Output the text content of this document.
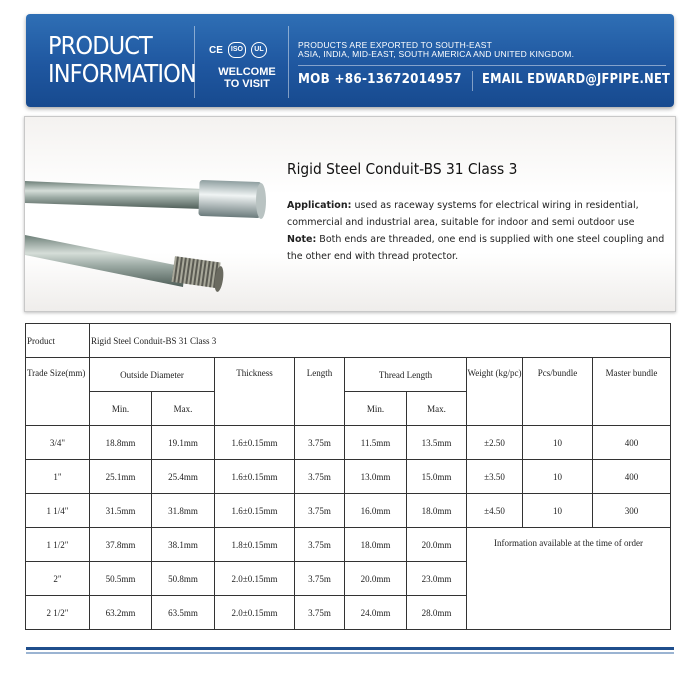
PRODUCT
INFORMATION
CE	ISO	UL
WELCOME
TO VISIT
PRODUCTS ARE EXPORTED TO SOUTH-EAST
ASIA, INDIA, MID-EAST, SOUTH AMERICA AND UNITED KINGDOM.
MOB +86-13672014957 EMAIL EDWARD@JFPIPE.NET
Rigid Steel Conduit-BS 31 Class 3
Application: used as raceway systems for electrical wiring in residential, commercial and industrial area, suitable for indoor and semi outdoor use
Note: Both ends are threaded, one end is supplied with one steel coupling and the other end with thread protector.
Product	Rigid Steel Conduit-BS 31 Class 3								
Trade Size(mm)	Outside Diameter		Thickness	Length	Thread Length		Weight (kg/pc)	Pcs/bundle	Master bundle
	Min.	Max.			Min.	Max.			
3/4"	18.8mm	19.1mm	1.6±0.15mm	3.75m	11.5mm	13.5mm	±2.50	10	400
1"	25.1mm	25.4mm	1.6±0.15mm	3.75m	13.0mm	15.0mm	±3.50	10	400
1 1/4"	31.5mm	31.8mm	1.6±0.15mm	3.75m	16.0mm	18.0mm	±4.50	10	300
1 1/2"	37.8mm	38.1mm	1.8±0.15mm	3.75m	18.0mm	20.0mm	Information available at the time of order		
2"	50.5mm	50.8mm	2.0±0.15mm	3.75m	20.0mm	23.0mm			
2 1/2"	63.2mm	63.5mm	2.0±0.15mm	3.75m	24.0mm	28.0mm			
